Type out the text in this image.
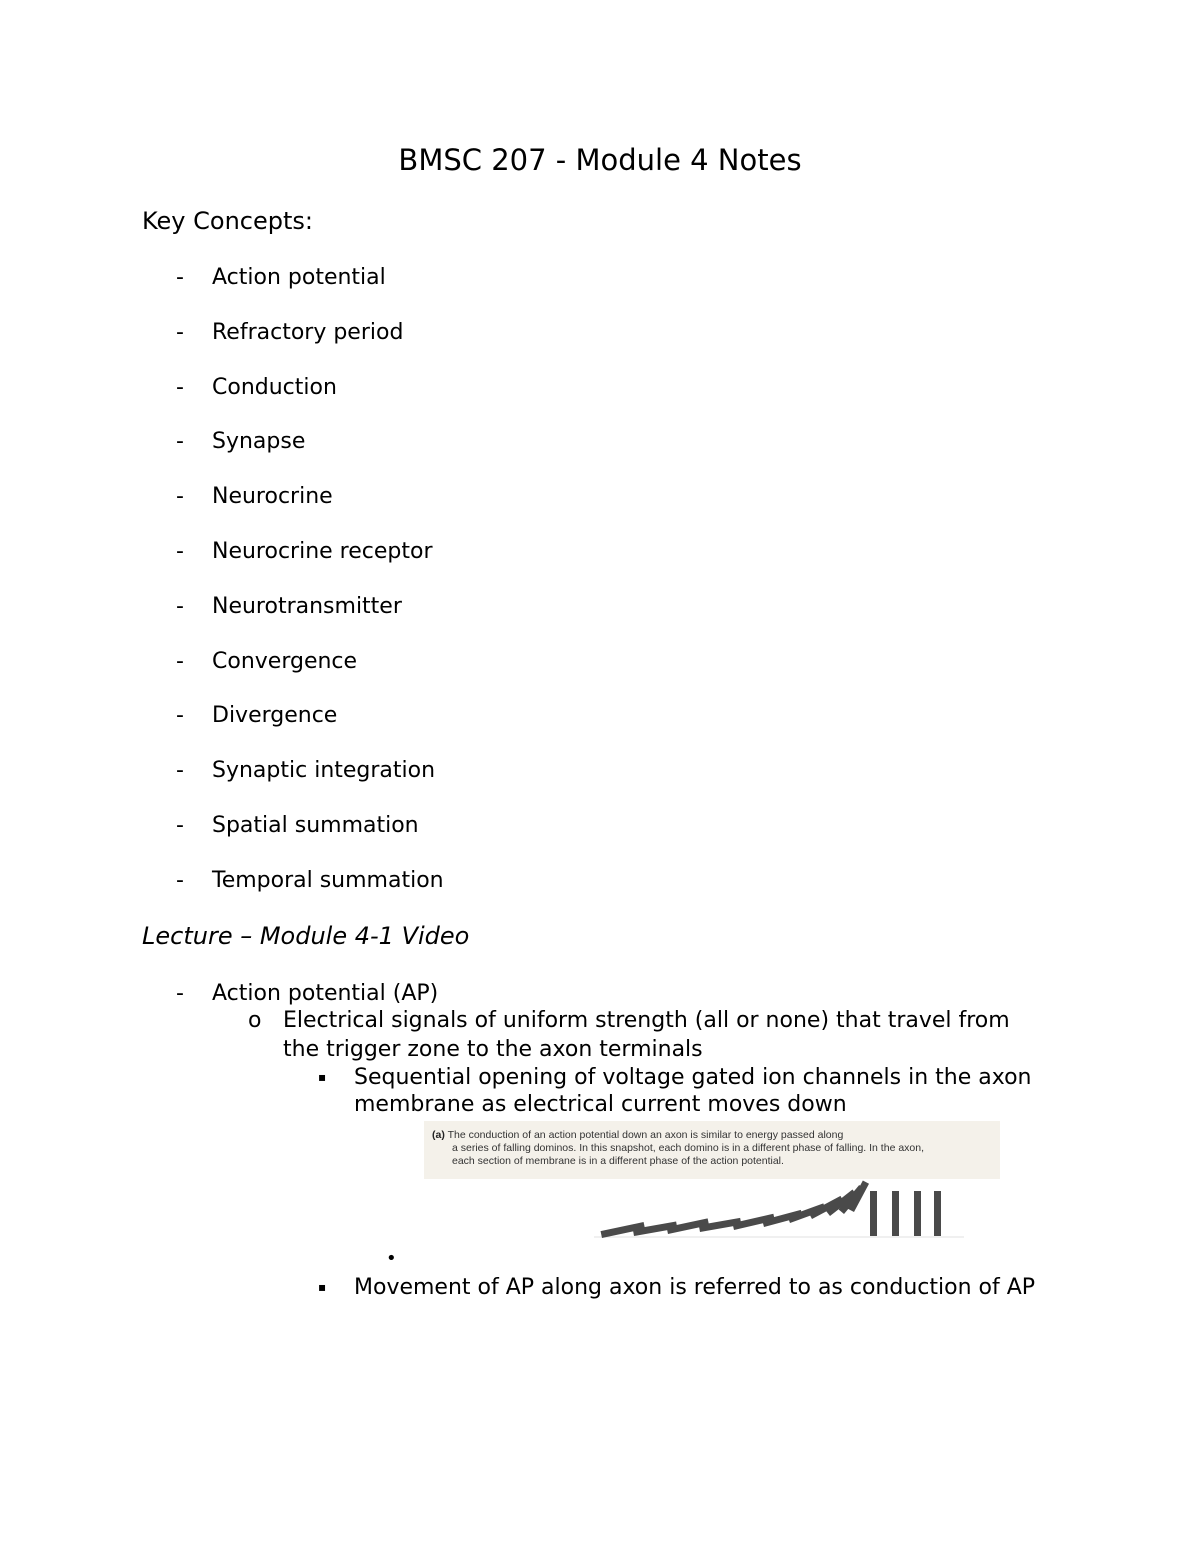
BMSC 207 - Module 4 Notes
Key Concepts:
- Action potential
- Refractory period
- Conduction
- Synapse
- Neurocrine
- Neurocrine receptor
- Neurotransmitter
- Convergence
- Divergence
- Synaptic integration
- Spatial summation
- Temporal summation
Lecture – Module 4-1 Video
- Action potential (AP)
o Electrical signals of uniform strength (all or none) that travel from the trigger zone to the axon terminals
▪ Sequential opening of voltage gated ion channels in the axon membrane as electrical current moves down
(a) The conduction of an action potential down an axon is similar to energy passed along
a series of falling dominos. In this snapshot, each domino is in a different phase of falling. In the axon,
each section of membrane is in a different phase of the action potential.
•
▪ Movement of AP along axon is referred to as conduction of AP
